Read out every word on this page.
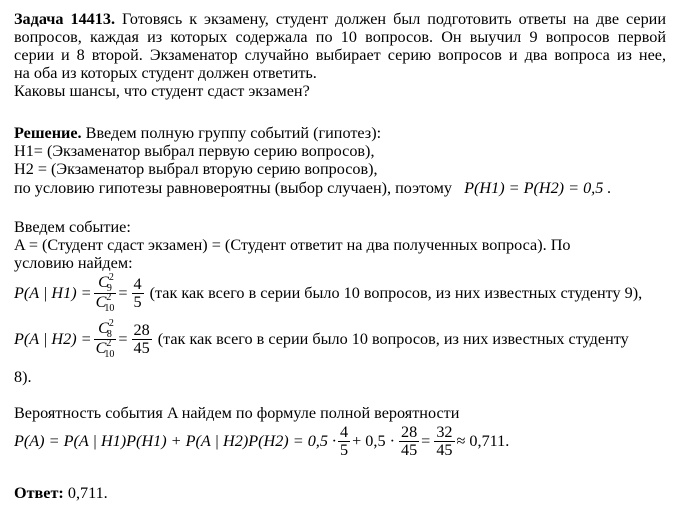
Задача 14413. Готовясь к экзамену, студент должен был подготовить ответы на две серии
вопросов, каждая из которых содержала по 10 вопросов. Он выучил 9 вопросов первой
серии и 8 второй. Экзаменатор случайно выбирает серию вопросов и два вопроса из нее,
на оба из которых студент должен ответить.
Каковы шансы, что студент сдаст экзамен?
Решение. Введем полную группу событий (гипотез):
H1= (Экзаменатор выбрал первую серию вопросов),
H2 = (Экзаменатор выбрал вторую серию вопросов),
по условию гипотезы равновероятны (выбор случаен), поэтому P(H1) = P(H2) = 0,5 .
Введем событие:
A = (Студент сдаст экзамен) = (Студент ответит на два полученных вопроса). По
условию найдем:
P(A | $H1) = \frac{C^2_9}{C^2_{10}} = \frac{4}{5} (так$ как всего в серии было 10 вопросов, из них известных студенту 9),
P(A | $H2) = \frac{C^2_8}{C^2_{10}} = \frac{28}{45} (так$ как всего в серии было 10 вопросов, из них известных студенту
8).
Вероятность события A найдем по формуле полной вероятности
P(A) = P(A | H1)P(H1) + P(A | $H2)P(H2) = 0,5 \cdot \frac{4}{5} + 0,5 \cdot \frac{28}{45} = \frac{32}{45} \approx 0,711$.
Ответ: 0,711.
